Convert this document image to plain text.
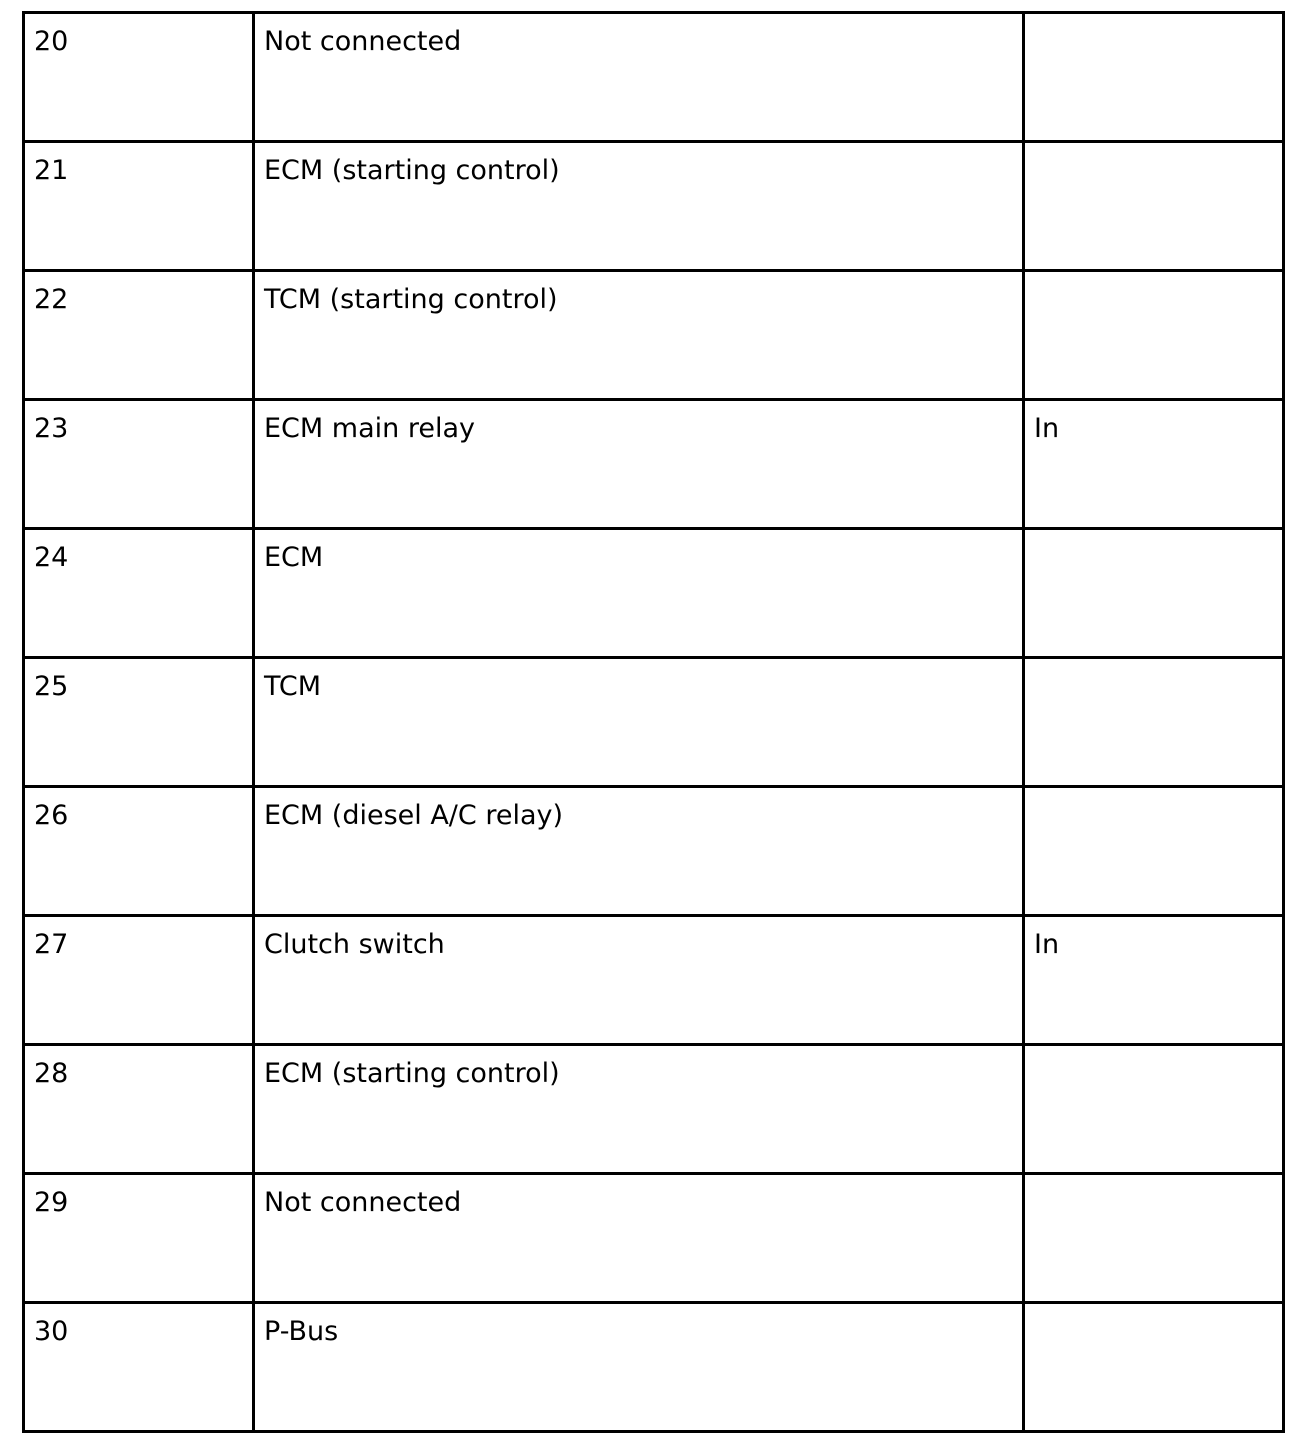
20	Not connected	
21	ECM (starting control)	
22	TCM (starting control)	
23	ECM main relay	In
24	ECM	
25	TCM	
26	ECM (diesel A/C relay)	
27	Clutch switch	In
28	ECM (starting control)	
29	Not connected	
30	P-Bus	
